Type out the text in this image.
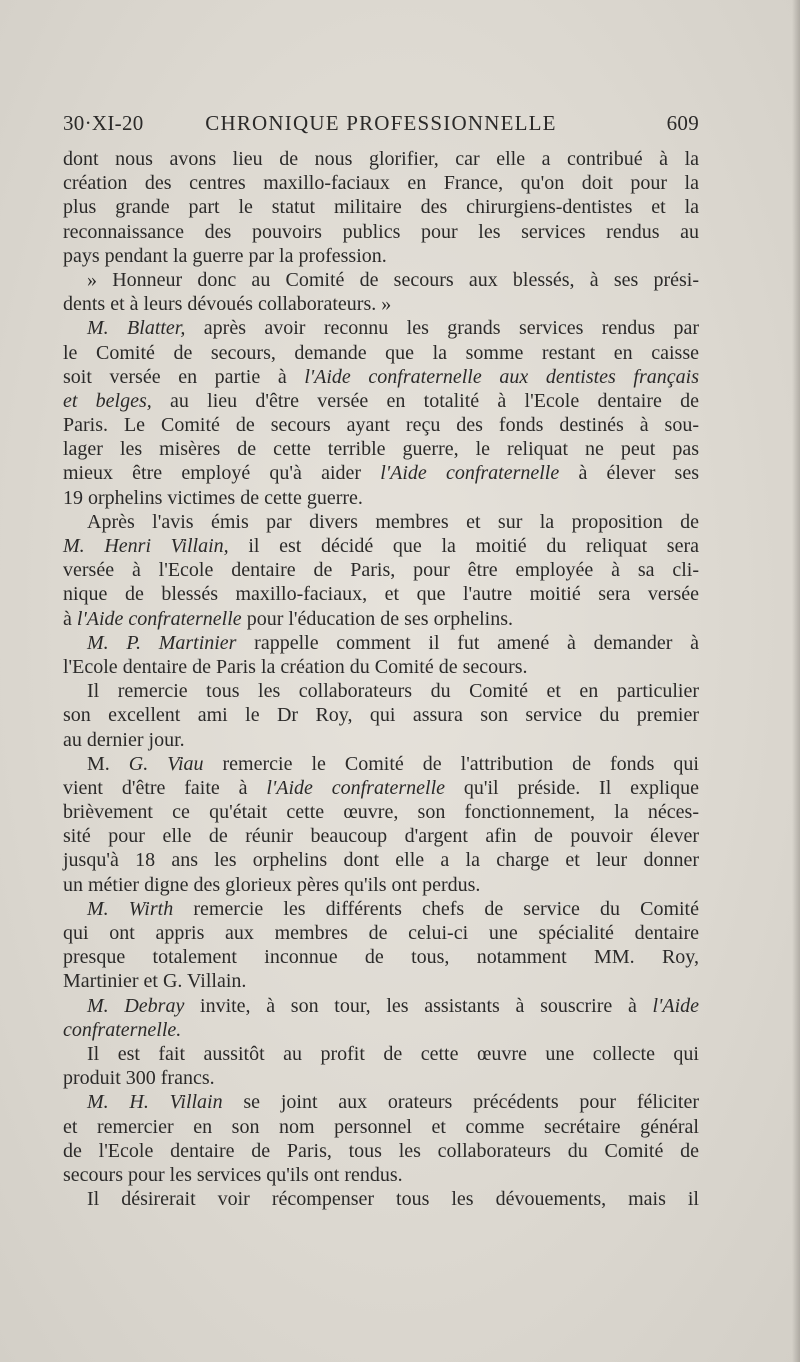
30·XI-20	CHRONIQUE PROFESSIONNELLE	609
dont nous avons lieu de nous glorifier, car elle a contribué à la
création des centres maxillo-faciaux en France, qu'on doit pour la
plus grande part le statut militaire des chirurgiens-dentistes et la
reconnaissance des pouvoirs publics pour les services rendus au
pays pendant la guerre par la profession.
» Honneur donc au Comité de secours aux blessés, à ses prési-
dents et à leurs dévoués collaborateurs. »
M. Blatter, après avoir reconnu les grands services rendus par
le Comité de secours, demande que la somme restant en caisse
soit versée en partie à l'Aide confraternelle aux dentistes français
et belges, au lieu d'être versée en totalité à l'Ecole dentaire de
Paris. Le Comité de secours ayant reçu des fonds destinés à sou-
lager les misères de cette terrible guerre, le reliquat ne peut pas
mieux être employé qu'à aider l'Aide confraternelle à élever ses
19 orphelins victimes de cette guerre.
Après l'avis émis par divers membres et sur la proposition de
M. Henri Villain, il est décidé que la moitié du reliquat sera
versée à l'Ecole dentaire de Paris, pour être employée à sa cli-
nique de blessés maxillo-faciaux, et que l'autre moitié sera versée
à l'Aide confraternelle pour l'éducation de ses orphelins.
M. P. Martinier rappelle comment il fut amené à demander à
l'Ecole dentaire de Paris la création du Comité de secours.
Il remercie tous les collaborateurs du Comité et en particulier
son excellent ami le Dr Roy, qui assura son service du premier
au dernier jour.
M. G. Viau remercie le Comité de l'attribution de fonds qui
vient d'être faite à l'Aide confraternelle qu'il préside. Il explique
brièvement ce qu'était cette œuvre, son fonctionnement, la néces-
sité pour elle de réunir beaucoup d'argent afin de pouvoir élever
jusqu'à 18 ans les orphelins dont elle a la charge et leur donner
un métier digne des glorieux pères qu'ils ont perdus.
M. Wirth remercie les différents chefs de service du Comité
qui ont appris aux membres de celui-ci une spécialité dentaire
presque totalement inconnue de tous, notamment MM. Roy,
Martinier et G. Villain.
M. Debray invite, à son tour, les assistants à souscrire à l'Aide
confraternelle.
Il est fait aussitôt au profit de cette œuvre une collecte qui
produit 300 francs.
M. H. Villain se joint aux orateurs précédents pour féliciter
et remercier en son nom personnel et comme secrétaire général
de l'Ecole dentaire de Paris, tous les collaborateurs du Comité de
secours pour les services qu'ils ont rendus.
Il désirerait voir récompenser tous les dévouements, mais il
